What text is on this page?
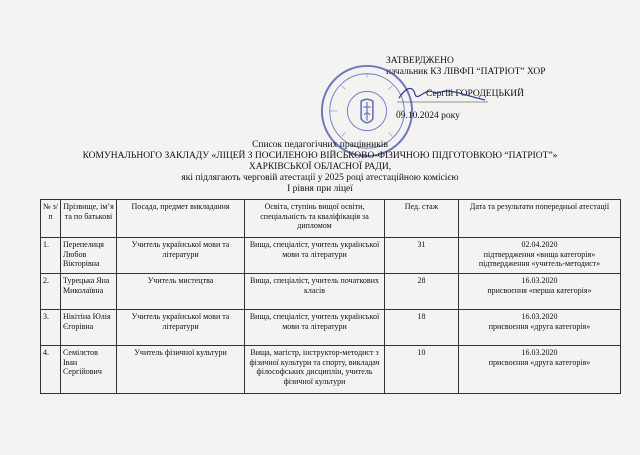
ЗАТВЕРДЖЕНО
начальник КЗ ЛІВФП “ПАТРІОТ” ХОР
Сергій ГОРОДЕЦЬКИЙ
09.10.2024 року
Список педагогічних працівників
КОМУНАЛЬНОГО ЗАКЛАДУ «ЛІЦЕЙ З ПОСИЛЕНОЮ ВІЙСЬКОВО-ФІЗИЧНОЮ ПІДГОТОВКОЮ “ПАТРІОТ”»
ХАРКІВСЬКОЇ ОБЛАСНОЇ РАДИ,
які підлягають черговій атестації у 2025 році атестаційною комісією
І рівня при ліцеї
№ з/п	Прізвище, ім’я та по батькові	Посада, предмет викладання	Освіта, ступінь вищої освіти, спеціальність та кваліфікація за дипломом	Пед. стаж	Дата та результати попередньої атестації
1.	Перепелиця Любов Вікторівна	Учитель української мови та літератури	Вища, спеціаліст, учитель української мови та літератури	31	02.04.2020
підтвердження «вища категорія»
підтвердження «учитель-методист»

2.	Турецька Яна Миколаївна	Учитель мистецтва	Вища, спеціаліст, учитель початкових класів	28	16.03.2020
присвоєння «перша категорія»

3.	Нікітіна Юлія Єгорівна	Учитель української мови та літератури	Вища, спеціаліст, учитель української мови та літератури	18	16.03.2020
присвоєння «друга категорія»

4.	Семілєтов Іван Сергійович	Учитель фізичної культури	Вища, магістр, інструктор-методист з фізичної культури та спорту, викладач філософських дисциплін, учитель фізичної культури	10	16.03.2020
присвоєння «друга категорія»
